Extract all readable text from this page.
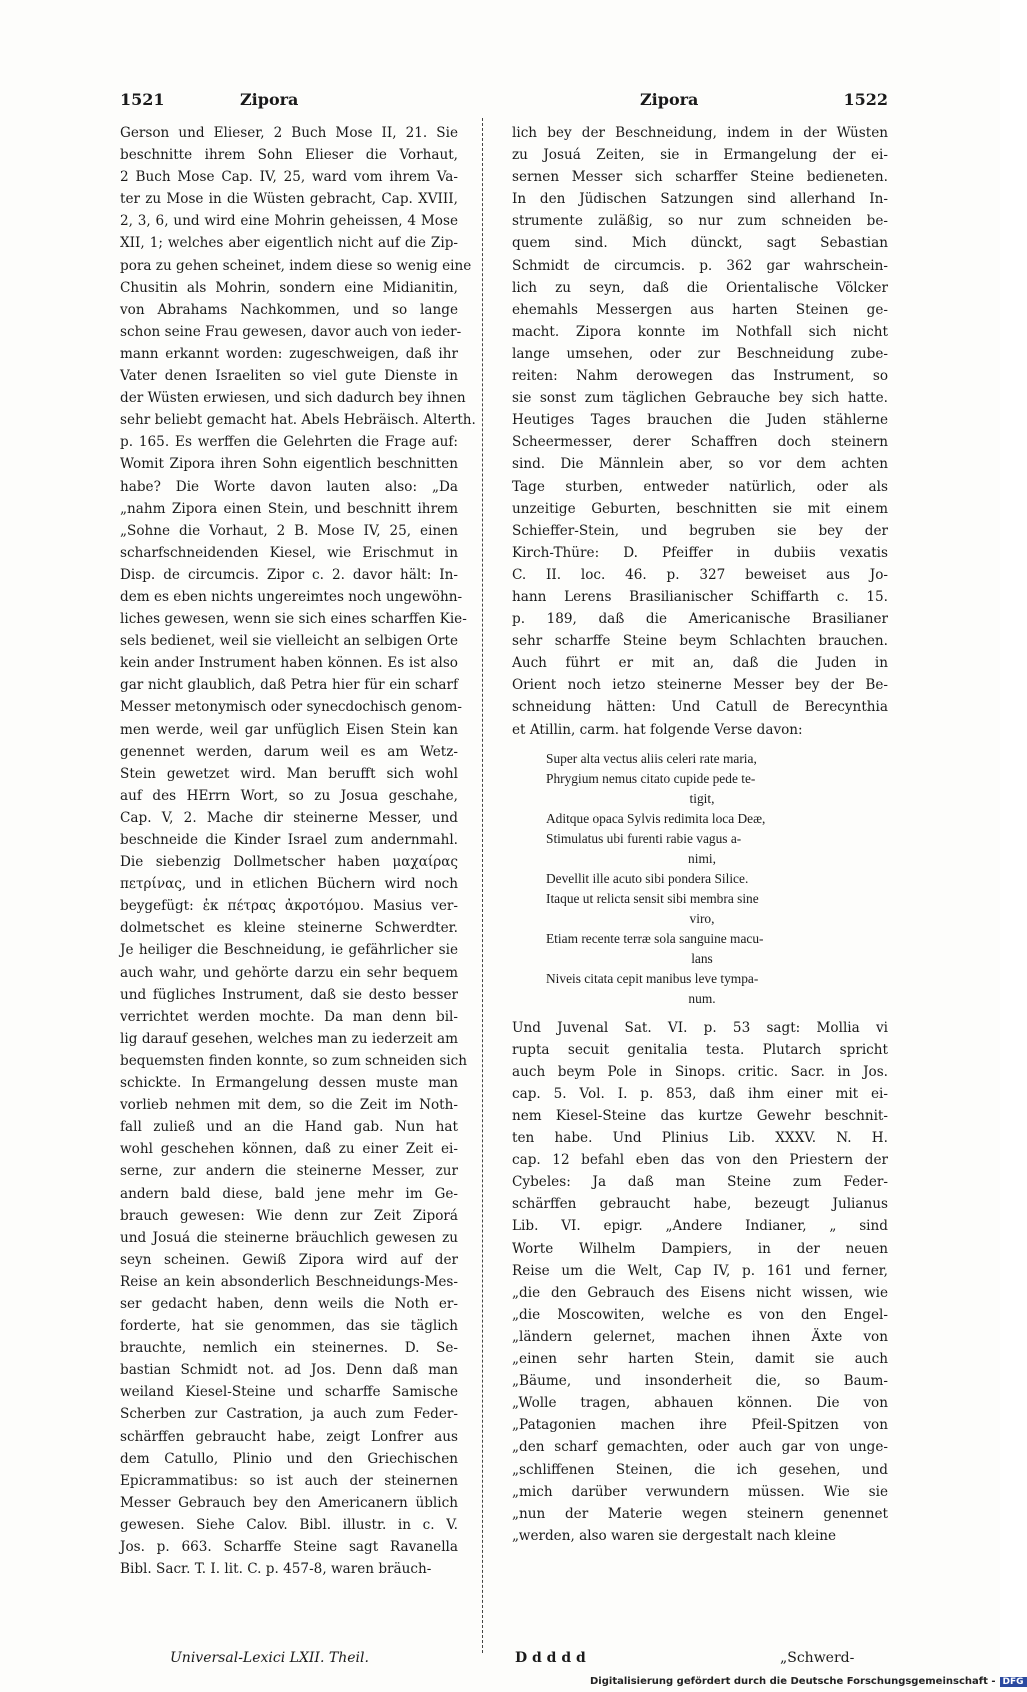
1521	Zipora	Zipora	1522
Gerson und Elieser, 2 Buch Mose II, 21. Sie
beschnitte ihrem Sohn Elieser die Vorhaut,
2 Buch Mose Cap. IV, 25, ward vom ihrem Va-
ter zu Mose in die Wüsten gebracht, Cap. XVIII,
2, 3, 6, und wird eine Mohrin geheissen, 4 Mose
XII, 1; welches aber eigentlich nicht auf die Zip-
pora zu gehen scheinet, indem diese so wenig eine
Chusitin als Mohrin, sondern eine Midianitin,
von Abrahams Nachkommen, und so lange
schon seine Frau gewesen, davor auch von ieder-
mann erkannt worden: zugeschweigen, daß ihr
Vater denen Israeliten so viel gute Dienste in
der Wüsten erwiesen, und sich dadurch bey ihnen
sehr beliebt gemacht hat. Abels Hebräisch. Alterth.
p. 165. Es werffen die Gelehrten die Frage auf:
Womit Zipora ihren Sohn eigentlich beschnitten
habe? Die Worte davon lauten also: „Da
„nahm Zipora einen Stein, und beschnitt ihrem
„Sohne die Vorhaut, 2 B. Mose IV, 25, einen
scharfschneidenden Kiesel, wie Erischmut in
Disp. de circumcis. Zipor c. 2. davor hält: In-
dem es eben nichts ungereimtes noch ungewöhn-
liches gewesen, wenn sie sich eines scharffen Kie-
sels bedienet, weil sie vielleicht an selbigen Orte
kein ander Instrument haben können. Es ist also
gar nicht glaublich, daß Petra hier für ein scharf
Messer metonymisch oder synecdochisch genom-
men werde, weil gar unfüglich Eisen Stein kan
genennet werden, darum weil es am Wetz-
Stein gewetzet wird. Man berufft sich wohl
auf des HErrn Wort, so zu Josua geschahe,
Cap. V, 2. Mache dir steinerne Messer, und
beschneide die Kinder Israel zum andernmahl.
Die siebenzig Dollmetscher haben μαχαίρας
πετρίνας, und in etlichen Büchern wird noch
beygefügt: ἐκ πέτρας ἀκροτόμου. Masius ver-
dolmetschet es kleine steinerne Schwerdter.
Je heiliger die Beschneidung, ie gefährlicher sie
auch wahr, und gehörte darzu ein sehr bequem
und fügliches Instrument, daß sie desto besser
verrichtet werden mochte. Da man denn bil-
lig darauf gesehen, welches man zu iederzeit am
bequemsten finden konnte, so zum schneiden sich
schickte. In Ermangelung dessen muste man
vorlieb nehmen mit dem, so die Zeit im Noth-
fall zuließ und an die Hand gab. Nun hat
wohl geschehen können, daß zu einer Zeit ei-
serne, zur andern die steinerne Messer, zur
andern bald diese, bald jene mehr im Ge-
brauch gewesen: Wie denn zur Zeit Ziporá
und Josuá die steinerne bräuchlich gewesen zu
seyn scheinen. Gewiß Zipora wird auf der
Reise an kein absonderlich Beschneidungs-Mes-
ser gedacht haben, denn weils die Noth er-
forderte, hat sie genommen, das sie täglich
brauchte, nemlich ein steinernes. D. Se-
bastian Schmidt not. ad Jos. Denn daß man
weiland Kiesel-Steine und scharffe Samische
Scherben zur Castration, ja auch zum Feder-
schärffen gebraucht habe, zeigt Lonfrer aus
dem Catullo, Plinio und den Griechischen
Epicrammatibus: so ist auch der steinernen
Messer Gebrauch bey den Americanern üblich
gewesen. Siehe Calov. Bibl. illustr. in c. V.
Jos. p. 663. Scharffe Steine sagt Ravanella
Bibl. Sacr. T. I. lit. C. p. 457-8, waren bräuch-
lich bey der Beschneidung, indem in der Wüsten
zu Josuá Zeiten, sie in Ermangelung der ei-
sernen Messer sich scharffer Steine bedieneten.
In den Jüdischen Satzungen sind allerhand In-
strumente zuläßig, so nur zum schneiden be-
quem sind. Mich dünckt, sagt Sebastian
Schmidt de circumcis. p. 362 gar wahrschein-
lich zu seyn, daß die Orientalische Völcker
ehemahls Messergen aus harten Steinen ge-
macht. Zipora konnte im Nothfall sich nicht
lange umsehen, oder zur Beschneidung zube-
reiten: Nahm derowegen das Instrument, so
sie sonst zum täglichen Gebrauche bey sich hatte.
Heutiges Tages brauchen die Juden stählerne
Scheermesser, derer Schaffren doch steinern
sind. Die Männlein aber, so vor dem achten
Tage sturben, entweder natürlich, oder als
unzeitige Geburten, beschnitten sie mit einem
Schieffer-Stein, und begruben sie bey der
Kirch-Thüre: D. Pfeiffer in dubiis vexatis
C. II. loc. 46. p. 327 beweiset aus Jo-
hann Lerens Brasilianischer Schiffarth c. 15.
p. 189, daß die Americanische Brasilianer
sehr scharffe Steine beym Schlachten brauchen.
Auch führt er mit an, daß die Juden in
Orient noch ietzo steinerne Messer bey der Be-
schneidung hätten: Und Catull de Berecynthia
et Atillin, carm. hat folgende Verse davon:
Super alta vectus aliis celeri rate maria,
Phrygium nemus citato cupide pede te-
tigit,
Aditque opaca Sylvis redimita loca Deæ,
Stimulatus ubi furenti rabie vagus a-
nimi,
Devellit ille acuto sibi pondera Silice.
Itaque ut relicta sensit sibi membra sine
viro,
Etiam recente terræ sola sanguine macu-
lans
Niveis citata cepit manibus leve tympa-
num.
Und Juvenal Sat. VI. p. 53 sagt: Mollia vi
rupta secuit genitalia testa. Plutarch spricht
auch beym Pole in Sinops. critic. Sacr. in Jos.
cap. 5. Vol. I. p. 853, daß ihm einer mit ei-
nem Kiesel-Steine das kurtze Gewehr beschnit-
ten habe. Und Plinius Lib. XXXV. N. H.
cap. 12 befahl eben das von den Priestern der
Cybeles: Ja daß man Steine zum Feder-
schärffen gebraucht habe, bezeugt Julianus
Lib. VI. epigr. „Andere Indianer, „ sind
Worte Wilhelm Dampiers, in der neuen
Reise um die Welt, Cap IV, p. 161 und ferner,
„die den Gebrauch des Eisens nicht wissen, wie
„die Moscowiten, welche es von den Engel-
„ländern gelernet, machen ihnen Äxte von
„einen sehr harten Stein, damit sie auch
„Bäume, und insonderheit die, so Baum-
„Wolle tragen, abhauen können. Die von
„Patagonien machen ihre Pfeil-Spitzen von
„den scharf gemachten, oder auch gar von unge-
„schliffenen Steinen, die ich gesehen, und
„mich darüber verwundern müssen. Wie sie
„nun der Materie wegen steinern genennet
„werden, also waren sie dergestalt nach kleine
Universal-Lexici LXII. Theil.	D d d d d	„Schwerd-
Digitalisierung gefördert durch die Deutsche Forschungsgemeinschaft - DFG
